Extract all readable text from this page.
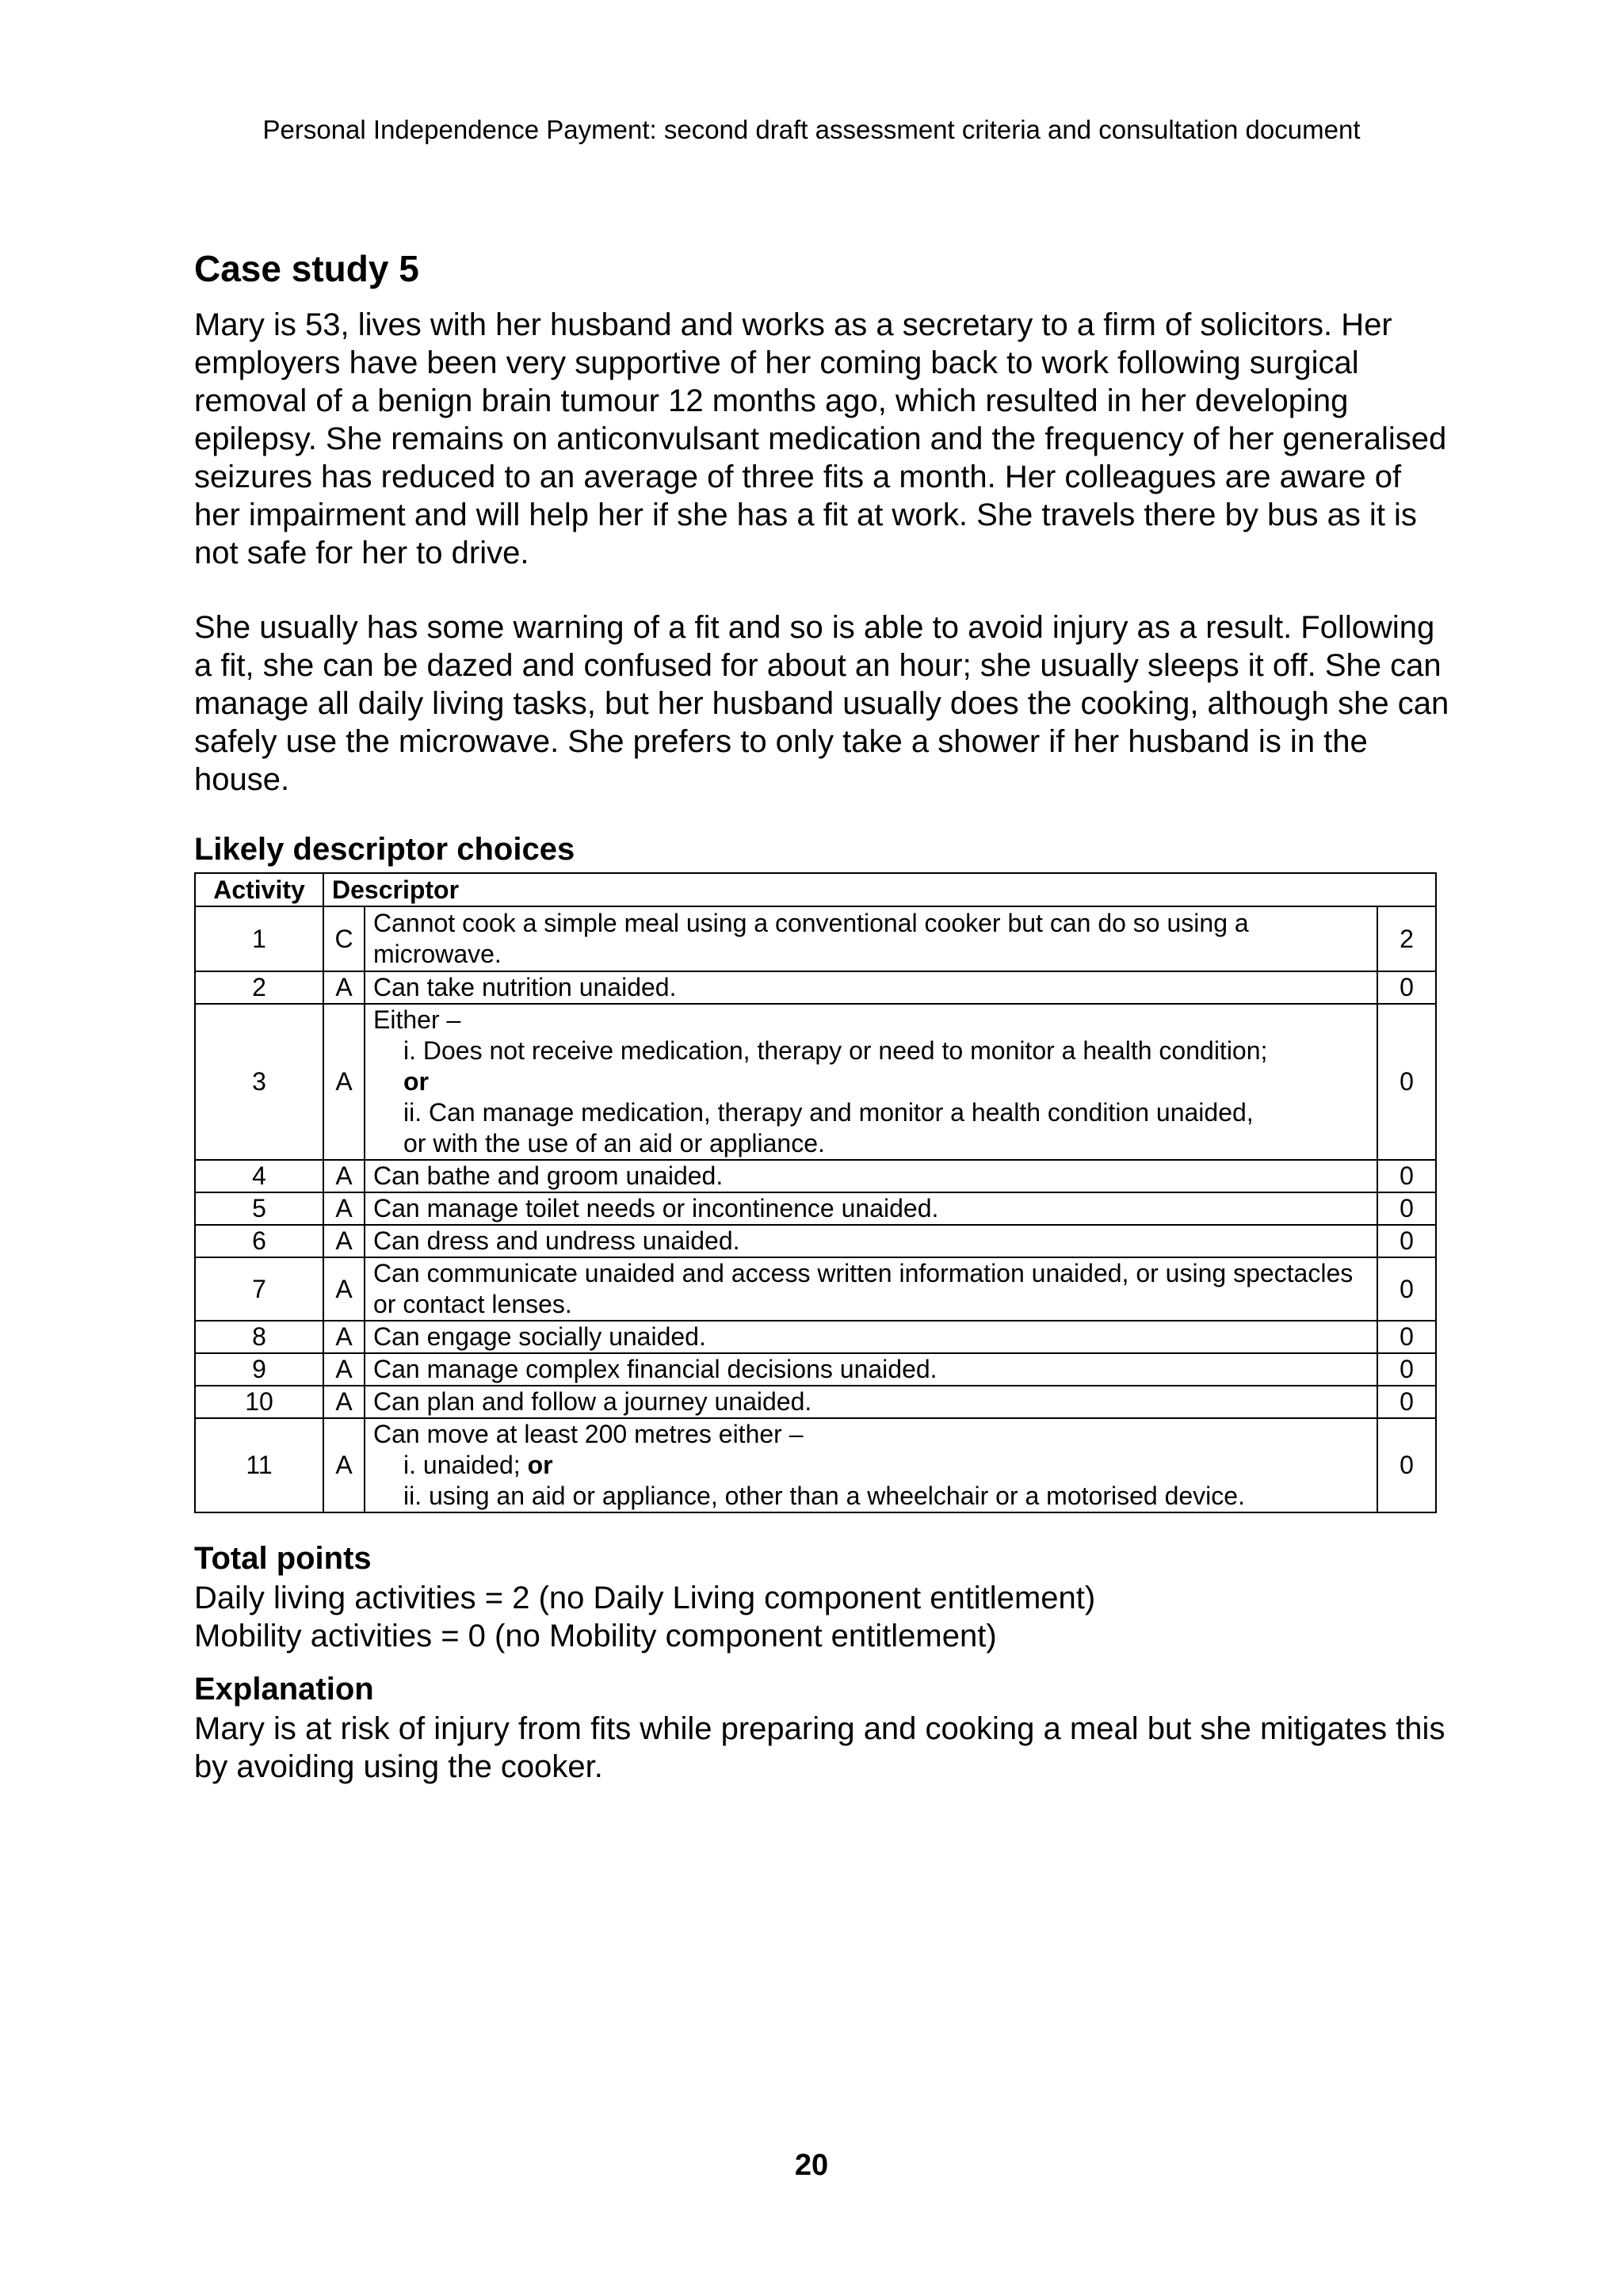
Personal Independence Payment: second draft assessment criteria and consultation document
Case study 5

Mary is 53, lives with her husband and works as a secretary to a firm of solicitors. Her employers have been very supportive of her coming back to work following surgical removal of a benign brain tumour 12 months ago, which resulted in her developing epilepsy. She remains on anticonvulsant medication and the frequency of her generalised seizures has reduced to an average of three fits a month. Her colleagues are aware of her impairment and will help her if she has a fit at work. She travels there by bus as it is not safe for her to drive.

She usually has some warning of a fit and so is able to avoid injury as a result. Following a fit, she can be dazed and confused for about an hour; she usually sleeps it off. She can manage all daily living tasks, but her husband usually does the cooking, although she can safely use the microwave. She prefers to only take a shower if her husband is in the house.

Likely descriptor choices
Activity	Descriptor		
1	C	Cannot cook a simple meal using a conventional cooker but can do so using a microwave.	2
2	A	Can take nutrition unaided.	0
3	A	Either –
i. Does not receive medication, therapy or need to monitor a health condition;
or
ii. Can manage medication, therapy and monitor a health condition unaided,
or with the use of an aid or appliance.	0
4	A	Can bathe and groom unaided.	0
5	A	Can manage toilet needs or incontinence unaided.	0
6	A	Can dress and undress unaided.	0
7	A	Can communicate unaided and access written information unaided, or using spectacles or contact lenses.	0
8	A	Can engage socially unaided.	0
9	A	Can manage complex financial decisions unaided.	0
10	A	Can plan and follow a journey unaided.	0
11	A	Can move at least 200 metres either –
i. unaided; or
ii. using an aid or appliance, other than a wheelchair or a motorised device.	0
Total points

Daily living activities = 2 (no Daily Living component entitlement)

Mobility activities = 0 (no Mobility component entitlement)

Explanation

Mary is at risk of injury from fits while preparing and cooking a meal but she mitigates this by avoiding using the cooker.

20
